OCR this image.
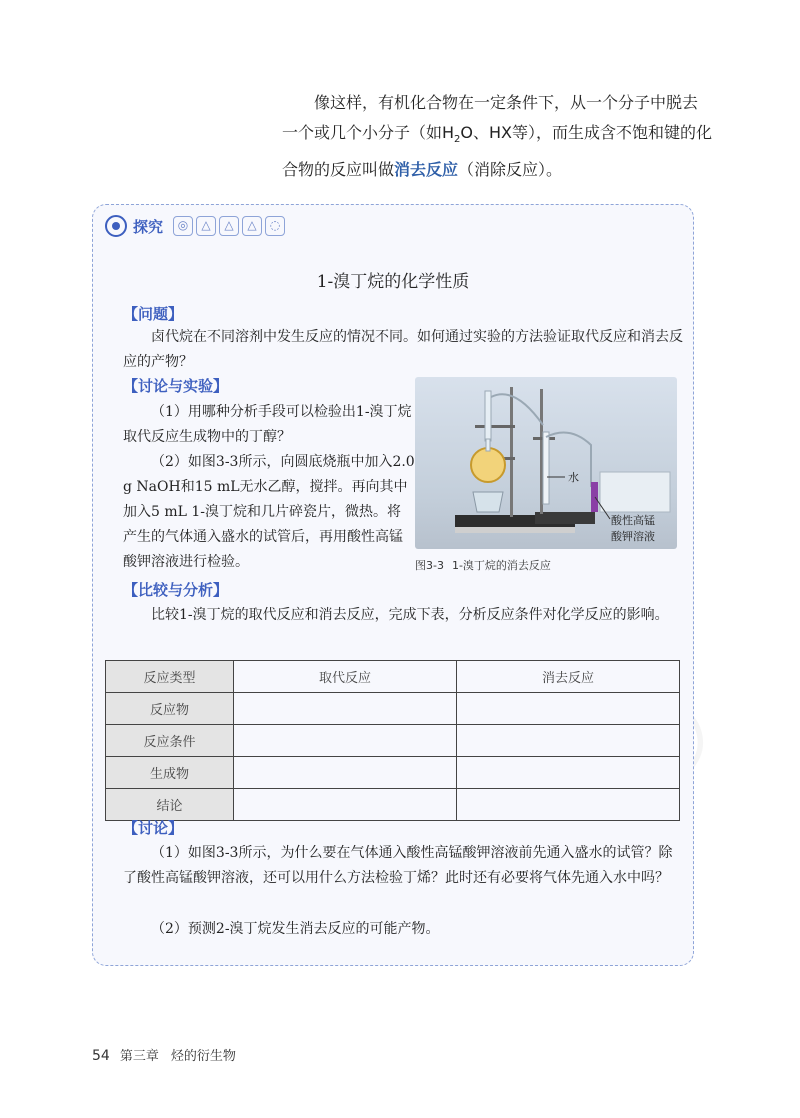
像这样，有机化合物在一定条件下，从一个分子中脱去一个或几个小分子（如$H_2O$、HX等），而生成含不饱和键的化合物的反应叫做消去反应（消除反应）。
探究	◎	△	△	△	◌
1-溴丁烷的化学性质
【问题】
卤代烷在不同溶剂中发生反应的情况不同。如何通过实验的方法验证取代反应和消去反应的产物？
【讨论与实验】
（1）用哪种分析手段可以检验出1-溴丁烷取代反应生成物中的丁醇？
（2）如图3-3所示，向圆底烧瓶中加入2.0 g NaOH和15 mL无水乙醇，搅拌。再向其中加入5 mL 1-溴丁烷和几片碎瓷片，微热。将产生的气体通入盛水的试管后，再用酸性高锰酸钾溶液进行检验。
水
酸性高锰
酸钾溶液
图3-3 1-溴丁烷的消去反应
【比较与分析】
比较1-溴丁烷的取代反应和消去反应，完成下表，分析反应条件对化学反应的影响。
反应类型	取代反应	消去反应
反应物		
反应条件		
生成物		
结论		
【讨论】
（1）如图3-3所示，为什么要在气体通入酸性高锰酸钾溶液前先通入盛水的试管？除了酸性高锰酸钾溶液，还可以用什么方法检验丁烯？此时还有必要将气体先通入水中吗？
（2）预测2-溴丁烷发生消去反应的可能产物。
54 第三章 烃的衍生物
